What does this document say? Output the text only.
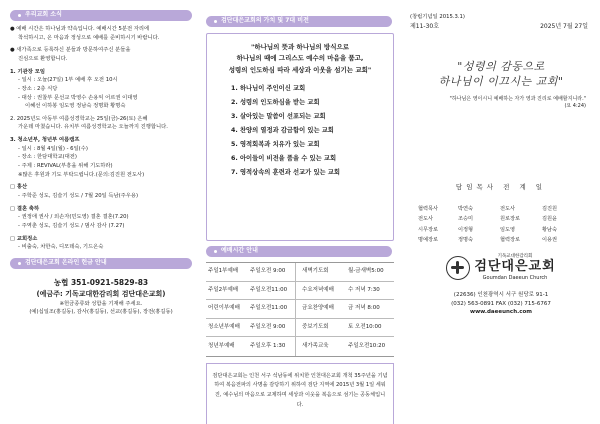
우리교회 소식

● 예배 시간은 하나님과 약속입니다. 예배시간 5분전 자리에

착석하시고, 온 마음과 정성으로 예배를 준비하시기 바랍니다.

● 새가족으로 등록하신 분들과 방문하여주신 분들을

진심으로 환영합니다.

1. 기관장 모임

- 일시 : 오늘(27일) 1부 예배 후 오전 10시

- 장소 : 2층 식당

- 대상 : 권찰부 문선교 박영수 손용익 어르권 이대영

이혜선 이하봉 임도영 정남숙 정명화 황명숙

2. 2025년도 아동부 여름성경학교는 25일(금)-26(토) 은혜

가운데 마쳤습니다. 유치부 여름성경학교는 오늘까지 진행합니다.

3. 청소년부, 청년부 여름캠프

- 일시 : 8월 4일(월) - 6일(수)

- 장소 : 한담대학교(대전)

- 주제 : REVIVAL(부흥을 위해 기도하라)

※많은 후원과 기도 부탁드립니다.(문의:김진원 전도사)

□ 홍산

- 주학준 성도, 김슬기 성도 / 7월 20일 득남(주우용)

□ 결혼 축하

- 권정애 권사 / 외손자(민도영) 결혼 결혼(7.20)

- 주역춘 성도, 김슬기 성도 / 범사 감사 (7.27)

□ 교회정소

- 비출숙, 차한숙, 디모데숙, 기드온숙

검단대은교회 온라인 헌금 안내

농협 351-0921-5829-83

(예금주: 기독교대한감리회 검단대은교회)

※헌금종류와 성함을 기재해 주세요.

(예)십일조(홍길동), 감사(홍길동), 선교(홍길동), 장전(홍길동)

검단대은교회의 가치 및 7대 비전

"하나님의 뜻과 하나님의 방식으로

하나님의 때에 그리스도 예수의 마음을 품고,

성령의 인도하심 따라 세상과 이웃을 섬기는 교회"

1. 하나님이 주인이신 교회

2. 성령의 인도하심을 받는 교회

3. 살아있는 말씀이 선포되는 교회

4. 찬양의 열정과 감금함이 있는 교회

5. 영적회복과 치유가 있는 교회

6. 아이들이 비전을 품을 수 있는 교회

7. 영적상속의 훈련과 선교가 있는 교회

예배시간 안내
주일1부예배	주일오전 9:00	새벽기도회	월-금새벽5:00
주일2부예배	주일오전11:00	수요저녁예배	수 저녁 7:30
어린이부예배	주일오전11:00	금요찬양예배	금 저녁 8:00
청소년부예배	주일오전 9:00	중보기도회	토 오전10:00
청년부예배	주일오후 1:30	새가족교육	주일오전10:20

검단대은교회는 인천 서구 석남동에 위치한 인천대은교회 개척 35주년을 기념하여 복음전파의 사명을 감당하기 위하여 검단 지역에 2015년 3월 1일 세워진, 예수님의 마음으로 교제하며 세상과 이웃을 복음으로 섬기는 공동체입니다.

(창립기념일 2015.3.1)

제11-30호	2025년 7월 27일

"성령의 감동으로

하나님이 이끄시는 교회"

"하나님은 영이시니 예배하는 자가 영과 진리로 예배할지니라."

(요 4:24)

담임목사 전 계 일

협력목사	박연숙	전도사	김진원
전도사	조승미	원로장로	김원윤
시무장로	이정형	임도영	황남숙
명예장로	정명숙	협력장로	이용권
기독교대한감리회
검단대은교회
Goumdan Daeeun Church

(22636) 인천광역시 서구 원당로 91-1

(032) 563-0891 FAX (032) 715-6767

www.daeeunch.com
